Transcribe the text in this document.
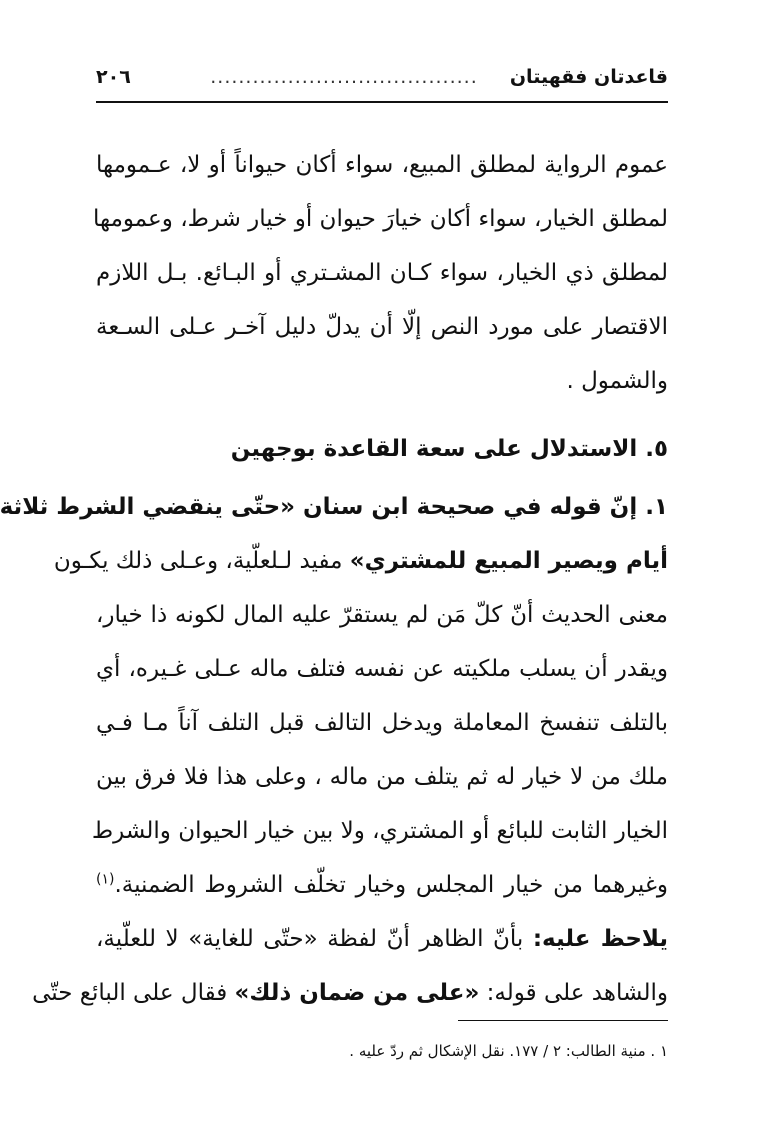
قاعدتان فقهيتان
......................................
٢٠٦
عموم الرواية لمطلق المبيع، سواء أكان حيواناً أو لا، عـمومها
لمطلق الخيار، سواء أكان خيارَ حيوان أو خيار شرط، وعمومها
لمطلق ذي الخيار، سواء كـان المشـتري أو البـائع. بـل اللازم
الاقتصار على مورد النص إلّا أن يدلّ دليل آخـر عـلى السـعة
والشمول .
٥. الاستدلال على سعة القاعدة بوجهين
١. إنّ قوله في صحيحة ابن سنان «حتّى ينقضي الشرط ثلاثة
أيام ويصير المبيع للمشتري» مفيد لـلعلّية، وعـلى ذلك يكـون
معنى الحديث أنّ كلّ مَن لم يستقرّ عليه المال لكونه ذا خيار،
ويقدر أن يسلب ملكيته عن نفسه فتلف ماله عـلى غـيره، أي
بالتلف تنفسخ المعاملة ويدخل التالف قبل التلف آناً مـا فـي
ملك من لا خيار له ثم يتلف من ماله ، وعلى هذا فلا فرق بين
الخيار الثابت للبائع أو المشتري، ولا بين خيار الحيوان والشرط
وغيرهما من خيار المجلس وخيار تخلّف الشروط الضمنية.$^{(١)}$
يلاحظ عليه: بأنّ الظاهر أنّ لفظة «حتّى للغاية» لا للعلّية،
والشاهد على قوله: «على من ضمان ذلك» فقال على البائع حتّى
١ . منية الطالب: ٢ / ١٧٧. نقل الإشكال ثم ردّ عليه .
